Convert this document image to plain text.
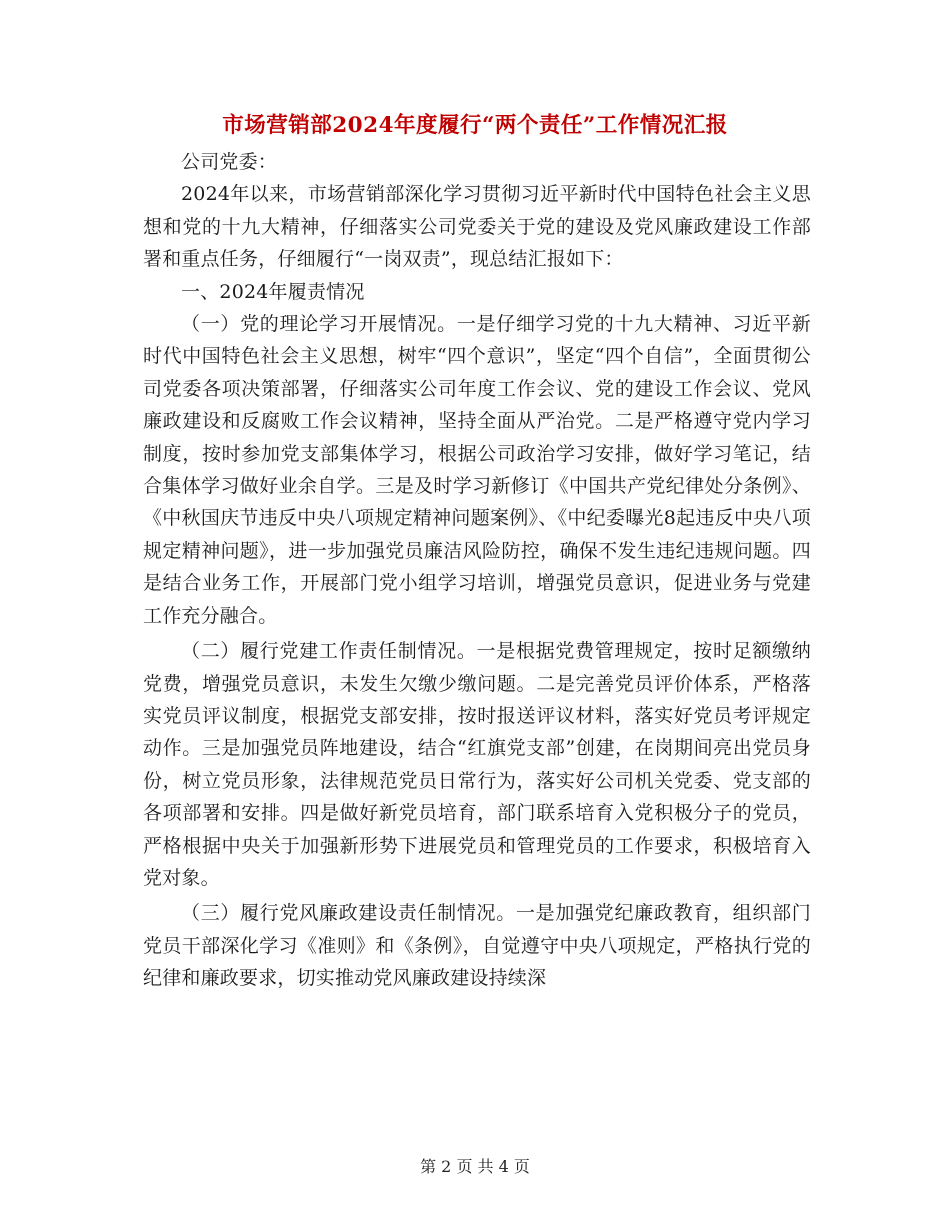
市场营销部2024年度履行“两个责任”工作情况汇报

公司党委：

2024年以来，市场营销部深化学习贯彻习近平新时代中国特色社会主义思想和党的十九大精神，仔细落实公司党委关于党的建设及党风廉政建设工作部署和重点任务，仔细履行“一岗双责”，现总结汇报如下：

一、2024年履责情况

（一）党的理论学习开展情况。一是仔细学习党的十九大精神、习近平新时代中国特色社会主义思想，树牢“四个意识”，坚定“四个自信”，全面贯彻公司党委各项决策部署，仔细落实公司年度工作会议、党的建设工作会议、党风廉政建设和反腐败工作会议精神，坚持全面从严治党。二是严格遵守党内学习制度，按时参加党支部集体学习，根据公司政治学习安排，做好学习笔记，结合集体学习做好业余自学。三是及时学习新修订《中国共产党纪律处分条例》、《中秋国庆节违反中央八项规定精神问题案例》、《中纪委曝光8起违反中央八项规定精神问题》，进一步加强党员廉洁风险防控，确保不发生违纪违规问题。四是结合业务工作，开展部门党小组学习培训，增强党员意识，促进业务与党建工作充分融合。

（二）履行党建工作责任制情况。一是根据党费管理规定，按时足额缴纳党费，增强党员意识，未发生欠缴少缴问题。二是完善党员评价体系，严格落实党员评议制度，根据党支部安排，按时报送评议材料，落实好党员考评规定动作。三是加强党员阵地建设，结合“红旗党支部”创建，在岗期间亮出党员身份，树立党员形象，法律规范党员日常行为，落实好公司机关党委、党支部的各项部署和安排。四是做好新党员培育，部门联系培育入党积极分子的党员，严格根据中央关于加强新形势下进展党员和管理党员的工作要求，积极培育入党对象。

（三）履行党风廉政建设责任制情况。一是加强党纪廉政教育，组织部门党员干部深化学习《准则》和《条例》，自觉遵守中央八项规定，严格执行党的纪律和廉政要求，切实推动党风廉政建设持续深

第 2 页 共 4 页
